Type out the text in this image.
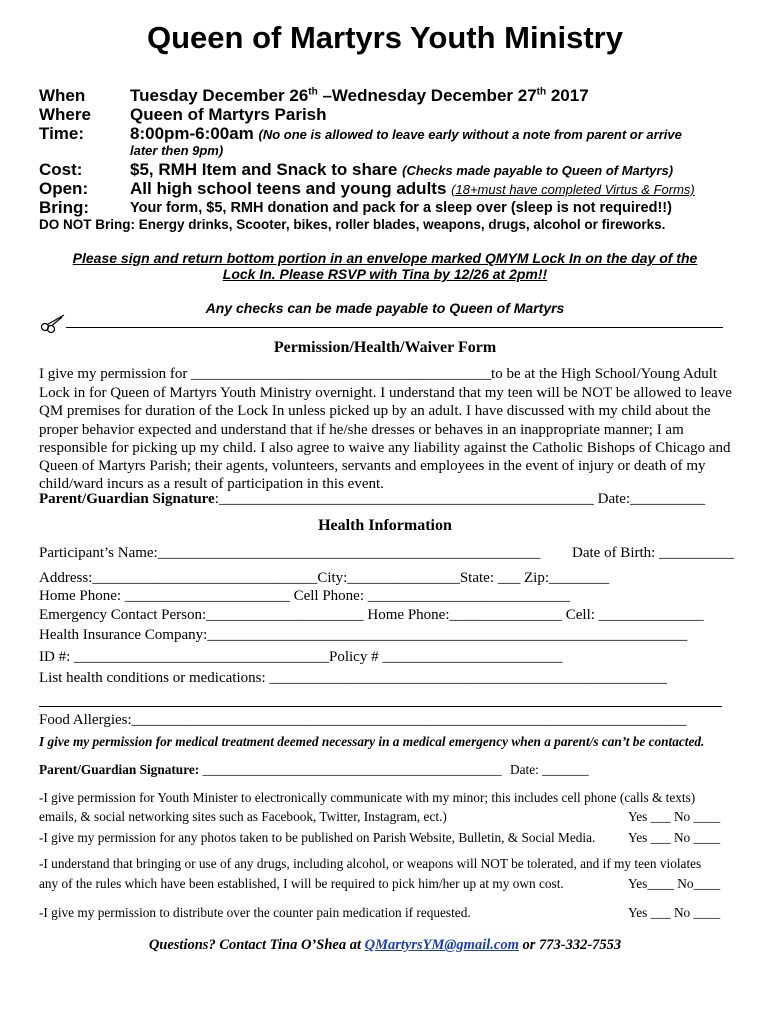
Queen of Martyrs Youth Ministry
When	Tuesday December 26th –Wednesday December 27th 2017
Where Queen of Martyrs Parish
Time:	8:00pm-6:00am (No one is allowed to leave early without a note from parent or arrive
later then 9pm)
Cost:	$5, RMH Item and Snack to share (Checks made payable to Queen of Martyrs)
Open: All high school teens and young adults (18+must have completed Virtus & Forms)
Bring:	Your form, $5, RMH donation and pack for a sleep over (sleep is not required!!)
DO NOT Bring: Energy drinks, Scooter, bikes, roller blades, weapons, drugs, alcohol or fireworks.
Please sign and return bottom portion in an envelope marked QMYM Lock In on the day of the
Lock In. Please RSVP with Tina by 12/26 at 2pm!!
Any checks can be made payable to Queen of Martyrs
Permission/Health/Waiver Form
I give my permission for ________________________________________to be at the High School/Young Adult
Lock in for Queen of Martyrs Youth Ministry overnight. I understand that my teen will be NOT be allowed to leave QM premises for duration of the Lock In unless picked up by an adult. I have discussed with my child about the proper behavior expected and understand that if he/she dresses or behaves in an inappropriate manner; I am responsible for picking up my child. I also agree to waive any liability against the Catholic Bishops of Chicago and Queen of Martyrs Parish; their agents, volunteers, servants and employees in the event of injury or death of my child/ward incurs as a result of participation in this event.
Parent/Guardian Signature:__________________________________________________ Date:__________
Health Information
Participant’s Name:___________________________________________________ Date of Birth: __________
Address:______________________________City:_______________State: ___ Zip:________
Home Phone: ______________________ Cell Phone: ___________________________
Emergency Contact Person:_____________________ Home Phone:_______________ Cell: ______________
Health Insurance Company:________________________________________________________________
ID #: __________________________________Policy # ________________________
List health conditions or medications: _____________________________________________________
Food Allergies:__________________________________________________________________________
I give my permission for medical treatment deemed necessary in a medical emergency when a parent/s can’t be contacted.
Parent/Guardian Signature: _____________________________________________ Date: _______
-I give permission for Youth Minister to electronically communicate with my minor; this includes cell phone (calls & texts)
emails, & social networking sites such as Facebook, Twitter, Instagram, ect.)	Yes ___ No ____
-I give my permission for any photos taken to be published on Parish Website, Bulletin, & Social Media. Yes ___ No ____
-I understand that bringing or use of any drugs, including alcohol, or weapons will NOT be tolerated, and if my teen violates
any of the rules which have been established, I will be required to pick him/her up at my own cost.	Yes____ No____
-I give my permission to distribute over the counter pain medication if requested.	Yes ___ No ____
Questions? Contact Tina O’Shea at QMartyrsYM@gmail.com or 773-332-7553
